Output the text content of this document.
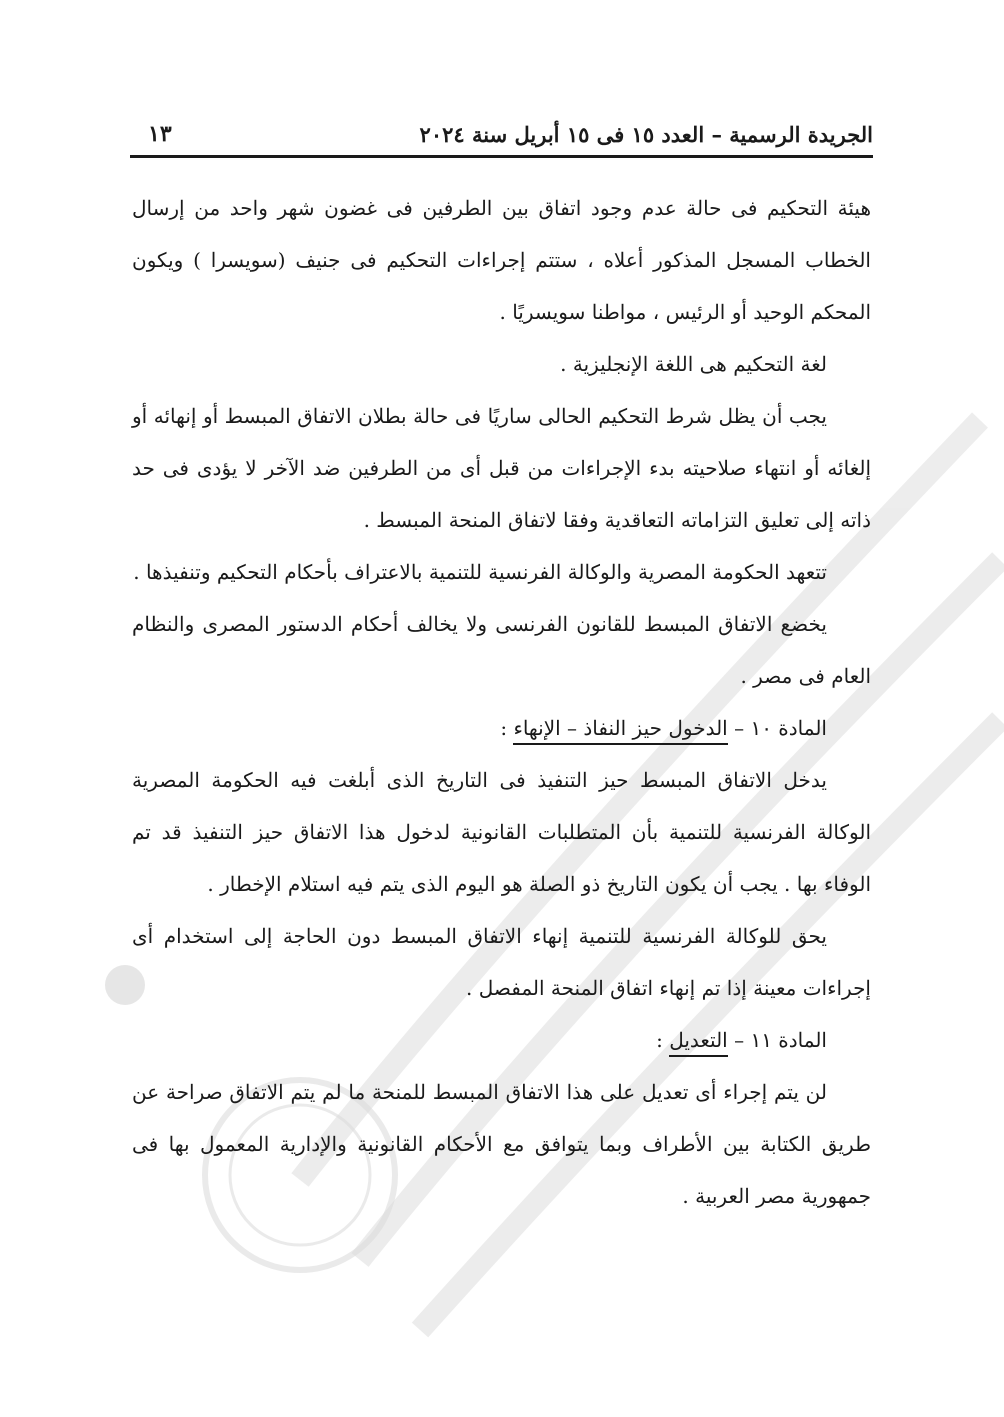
الجريدة الرسمية – العدد ١٥ فى ١٥ أبريل سنة ٢٠٢٤
١٣

هيئة التحكيم فى حالة عدم وجود اتفاق بين الطرفين فى غضون شهر واحد من إرسال الخطاب المسجل المذكور أعلاه ، ستتم إجراءات التحكيم فى جنيف (سويسرا ) ويكون المحكم الوحيد أو الرئيس ، مواطنا سويسريًا .

لغة التحكيم هى اللغة الإنجليزية .

يجب أن يظل شرط التحكيم الحالى ساريًا فى حالة بطلان الاتفاق المبسط أو إنهائه أو إلغائه أو انتهاء صلاحيته بدء الإجراءات من قبل أى من الطرفين ضد الآخر لا يؤدى فى حد ذاته إلى تعليق التزاماته التعاقدية وفقا لاتفاق المنحة المبسط .

تتعهد الحكومة المصرية والوكالة الفرنسية للتنمية بالاعتراف بأحكام التحكيم وتنفيذها .

يخضع الاتفاق المبسط للقانون الفرنسى ولا يخالف أحكام الدستور المصرى والنظام العام فى مصر .

المادة ١٠ – الدخول حيز النفاذ – الإنهاء :

يدخل الاتفاق المبسط حيز التنفيذ فى التاريخ الذى أبلغت فيه الحكومة المصرية الوكالة الفرنسية للتنمية بأن المتطلبات القانونية لدخول هذا الاتفاق حيز التنفيذ قد تم الوفاء بها . يجب أن يكون التاريخ ذو الصلة هو اليوم الذى يتم فيه استلام الإخطار .

يحق للوكالة الفرنسية للتنمية إنهاء الاتفاق المبسط دون الحاجة إلى استخدام أى إجراءات معينة إذا تم إنهاء اتفاق المنحة المفصل .

المادة ١١ – التعديل :

لن يتم إجراء أى تعديل على هذا الاتفاق المبسط للمنحة ما لم يتم الاتفاق صراحة عن طريق الكتابة بين الأطراف وبما يتوافق مع الأحكام القانونية والإدارية المعمول بها فى جمهورية مصر العربية .
